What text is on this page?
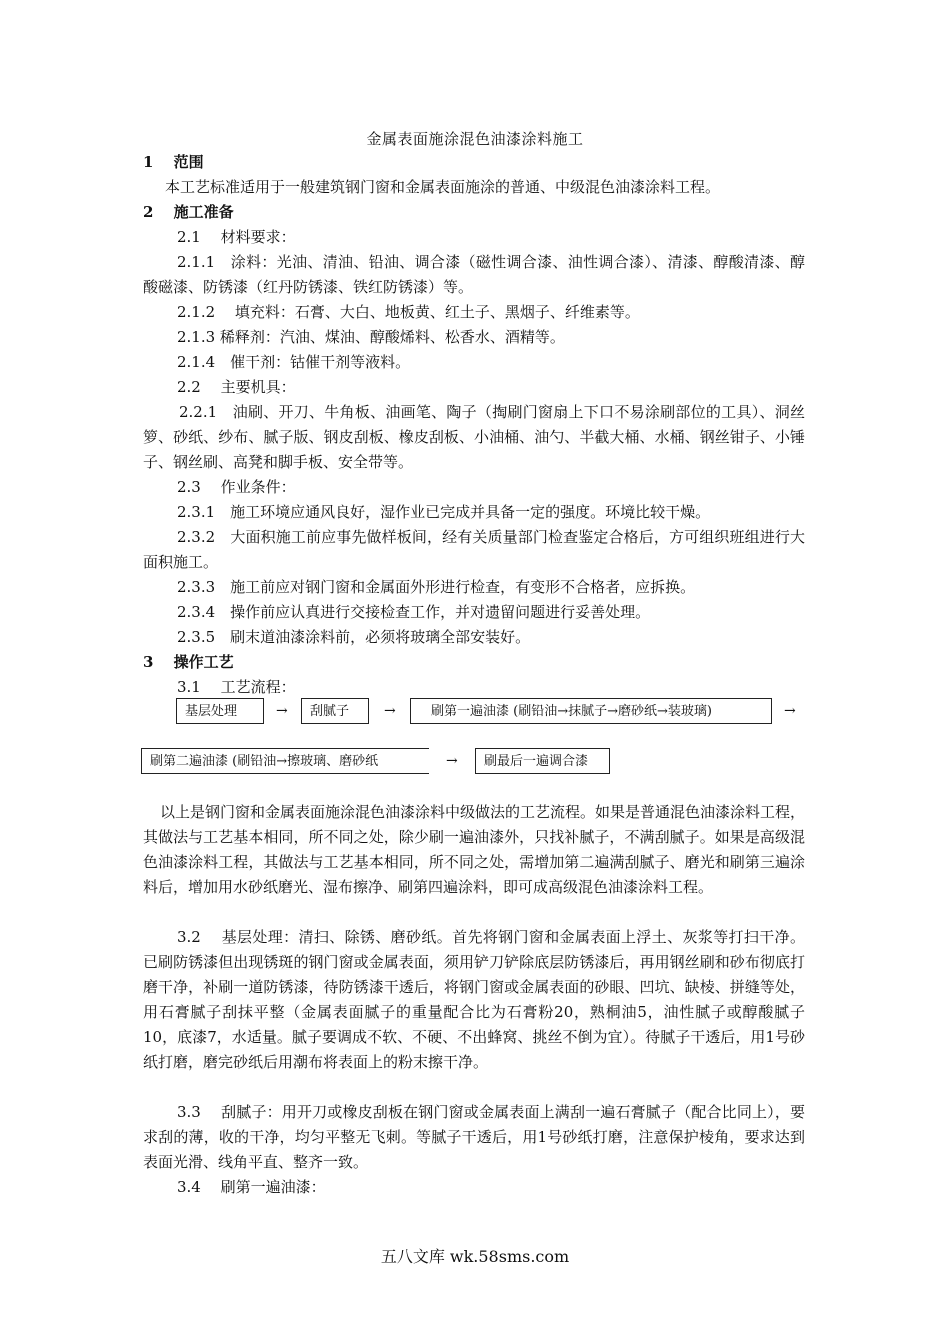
金属表面施涂混色油漆涂料施工
1　 范围
本工艺标准适用于一般建筑钢门窗和金属表面施涂的普通、中级混色油漆涂料工程。
2　 施工准备
2.1　 材料要求：
2.1.1　涂料：光油、清油、铅油、调合漆（磁性调合漆、油性调合漆）、清漆、醇酸清漆、醇酸磁漆、防锈漆（红丹防锈漆、铁红防锈漆）等。
2.1.2　 填充料：石膏、大白、地板黄、红土子、黑烟子、纤维素等。
2.1.3 稀释剂：汽油、煤油、醇酸烯料、松香水、酒精等。
2.1.4　催干剂：钴催干剂等液料。
2.2　 主要机具：
2.2.1　油刷、开刀、牛角板、油画笔、陶子（掏刷门窗扇上下口不易涂刷部位的工具）、洞丝箩、砂纸、纱布、腻子版、钢皮刮板、橡皮刮板、小油桶、油勺、半截大桶、水桶、钢丝钳子、小锤子、钢丝刷、高凳和脚手板、安全带等。
2.3　 作业条件：
2.3.1　施工环境应通风良好，湿作业已完成并具备一定的强度。环境比较干燥。
2.3.2　大面积施工前应事先做样板间，经有关质量部门检查鉴定合格后，方可组织班组进行大面积施工。
2.3.3　施工前应对钢门窗和金属面外形进行检查，有变形不合格者，应拆换。
2.3.4　操作前应认真进行交接检查工作，并对遗留问题进行妥善处理。
2.3.5　刷末道油漆涂料前，必须将玻璃全部安装好。
3　 操作工艺
3.1　 工艺流程：
基层处理	→	刮腻子	→	刷第一遍油漆 (刷铅油→抹腻子→磨砂纸→装玻璃)	→
刷第二遍油漆 (刷铅油→擦玻璃、磨砂纸	→	刷最后一遍调合漆
以上是钢门窗和金属表面施涂混色油漆涂料中级做法的工艺流程。如果是普通混色油漆涂料工程，其做法与工艺基本相同，所不同之处，除少刷一遍油漆外，只找补腻子，不满刮腻子。如果是高级混色油漆涂料工程，其做法与工艺基本相同，所不同之处，需增加第二遍满刮腻子、磨光和刷第三遍涂料后，增加用水砂纸磨光、湿布擦净、刷第四遍涂料，即可成高级混色油漆涂料工程。
3.2　 基层处理：清扫、除锈、磨砂纸。首先将钢门窗和金属表面上浮土、灰浆等打扫干净。已刷防锈漆但出现锈斑的钢门窗或金属表面，须用铲刀铲除底层防锈漆后，再用钢丝刷和砂布彻底打磨干净，补刷一道防锈漆，待防锈漆干透后，将钢门窗或金属表面的砂眼、凹坑、缺棱、拼缝等处，用石膏腻子刮抹平整（金属表面腻子的重量配合比为石膏粉20，熟桐油5，油性腻子或醇酸腻子10，底漆7，水适量。腻子要调成不软、不硬、不出蜂窝、挑丝不倒为宜）。待腻子干透后，用1号砂纸打磨，磨完砂纸后用潮布将表面上的粉末擦干净。
3.3　 刮腻子：用开刀或橡皮刮板在钢门窗或金属表面上满刮一遍石膏腻子（配合比同上），要求刮的薄，收的干净，均匀平整无飞刺。等腻子干透后，用1号砂纸打磨，注意保护棱角，要求达到表面光滑、线角平直、整齐一致。
3.4　 刷第一遍油漆：
五八文库 wk.58sms.com
